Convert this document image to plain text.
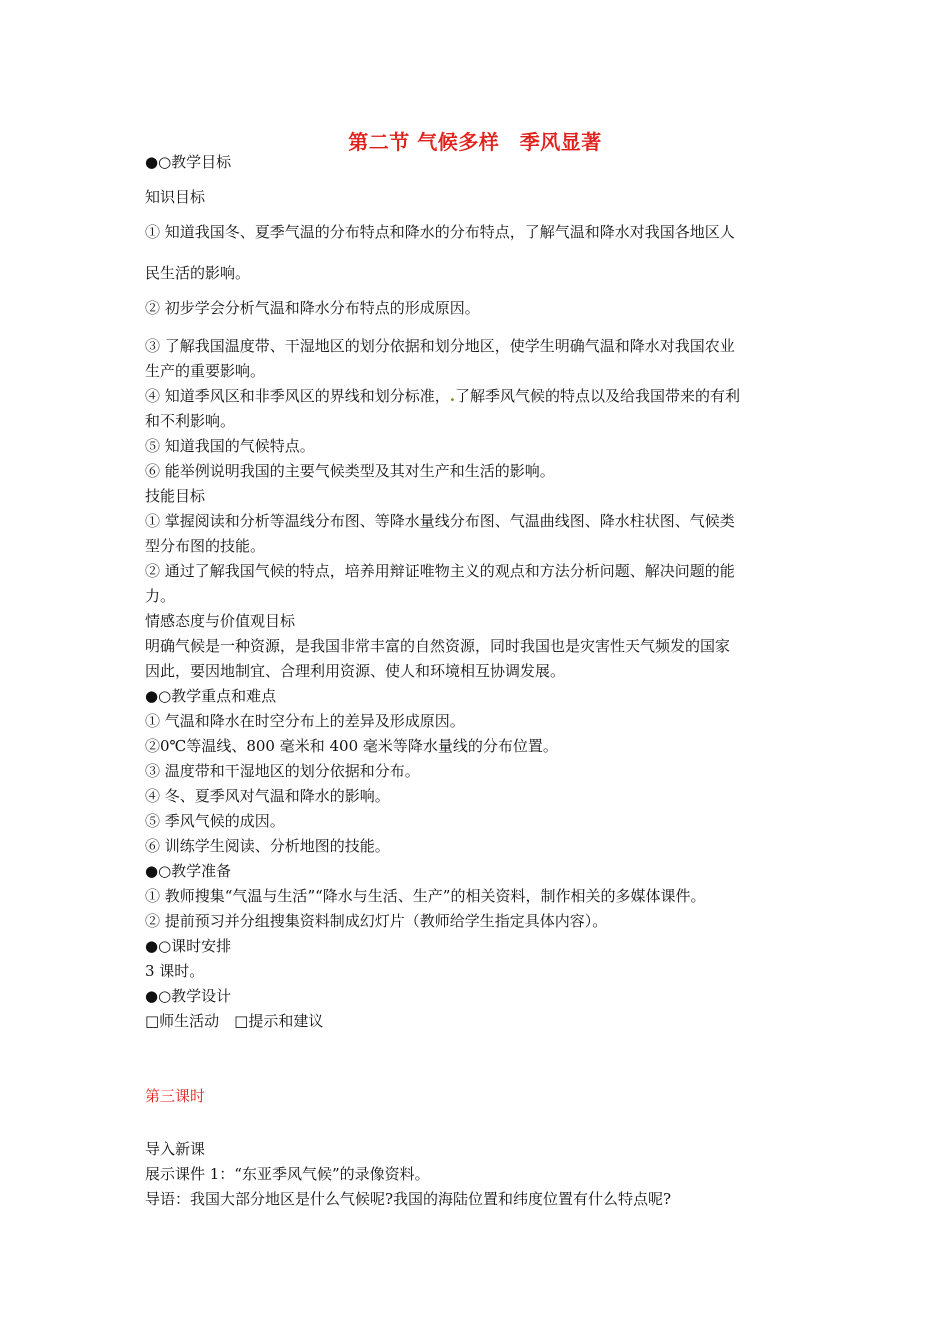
第二节 气候多样　季风显著
●○教学目标
知识目标
① 知道我国冬、夏季气温的分布特点和降水的分布特点，了解气温和降水对我国各地区人
民生活的影响。
② 初步学会分析气温和降水分布特点的形成原因。
③ 了解我国温度带、干湿地区的划分依据和划分地区，使学生明确气温和降水对我国农业
生产的重要影响。
④ 知道季风区和非季风区的界线和划分标准，.了解季风气候的特点以及给我国带来的有利
和不利影响。
⑤ 知道我国的气候特点。
⑥ 能举例说明我国的主要气候类型及其对生产和生活的影响。
技能目标
① 掌握阅读和分析等温线分布图、等降水量线分布图、气温曲线图、降水柱状图、气候类
型分布图的技能。
② 通过了解我国气候的特点，培养用辩证唯物主义的观点和方法分析问题、解决问题的能
力。
情感态度与价值观目标
明确气候是一种资源，是我国非常丰富的自然资源，同时我国也是灾害性天气频发的国家
因此，要因地制宜、合理利用资源、使人和环境相互协调发展。
●○教学重点和难点
① 气温和降水在时空分布上的差异及形成原因。
②0℃等温线、800 毫米和 400 毫米等降水量线的分布位置。
③ 温度带和干湿地区的划分依据和分布。
④ 冬、夏季风对气温和降水的影响。
⑤ 季风气候的成因。
⑥ 训练学生阅读、分析地图的技能。
●○教学准备
① 教师搜集“气温与生活”“降水与生活、生产”的相关资料，制作相关的多媒体课件。
② 提前预习并分组搜集资料制成幻灯片（教师给学生指定具体内容）。
●○课时安排
3 课时。
●○教学设计
□师生活动　□提示和建议
第三课时
导入新课
展示课件 1：“东亚季风气候”的录像资料。
导语：我国大部分地区是什么气候呢?我国的海陆位置和纬度位置有什么特点呢?
